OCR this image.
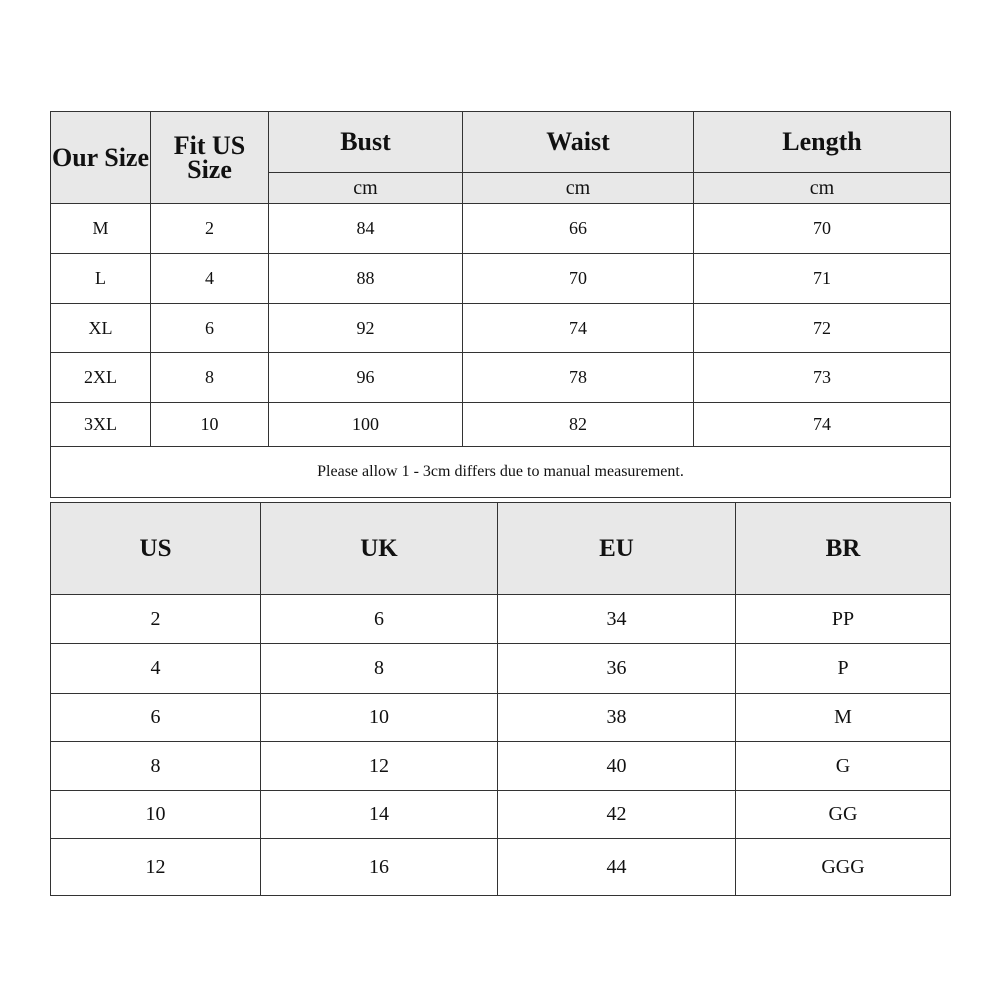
Our Size	Fit US Size	Bust	Waist	Length
		cm	cm	cm
M	2	84	66	70
L	4	88	70	71
XL	6	92	74	72
2XL	8	96	78	73
3XL	10	100	82	74
Please allow 1 - 3cm differs due to manual measurement.				
US	UK	EU	BR
2	6	34	PP
4	8	36	P
6	10	38	M
8	12	40	G
10	14	42	GG
12	16	44	GGG
